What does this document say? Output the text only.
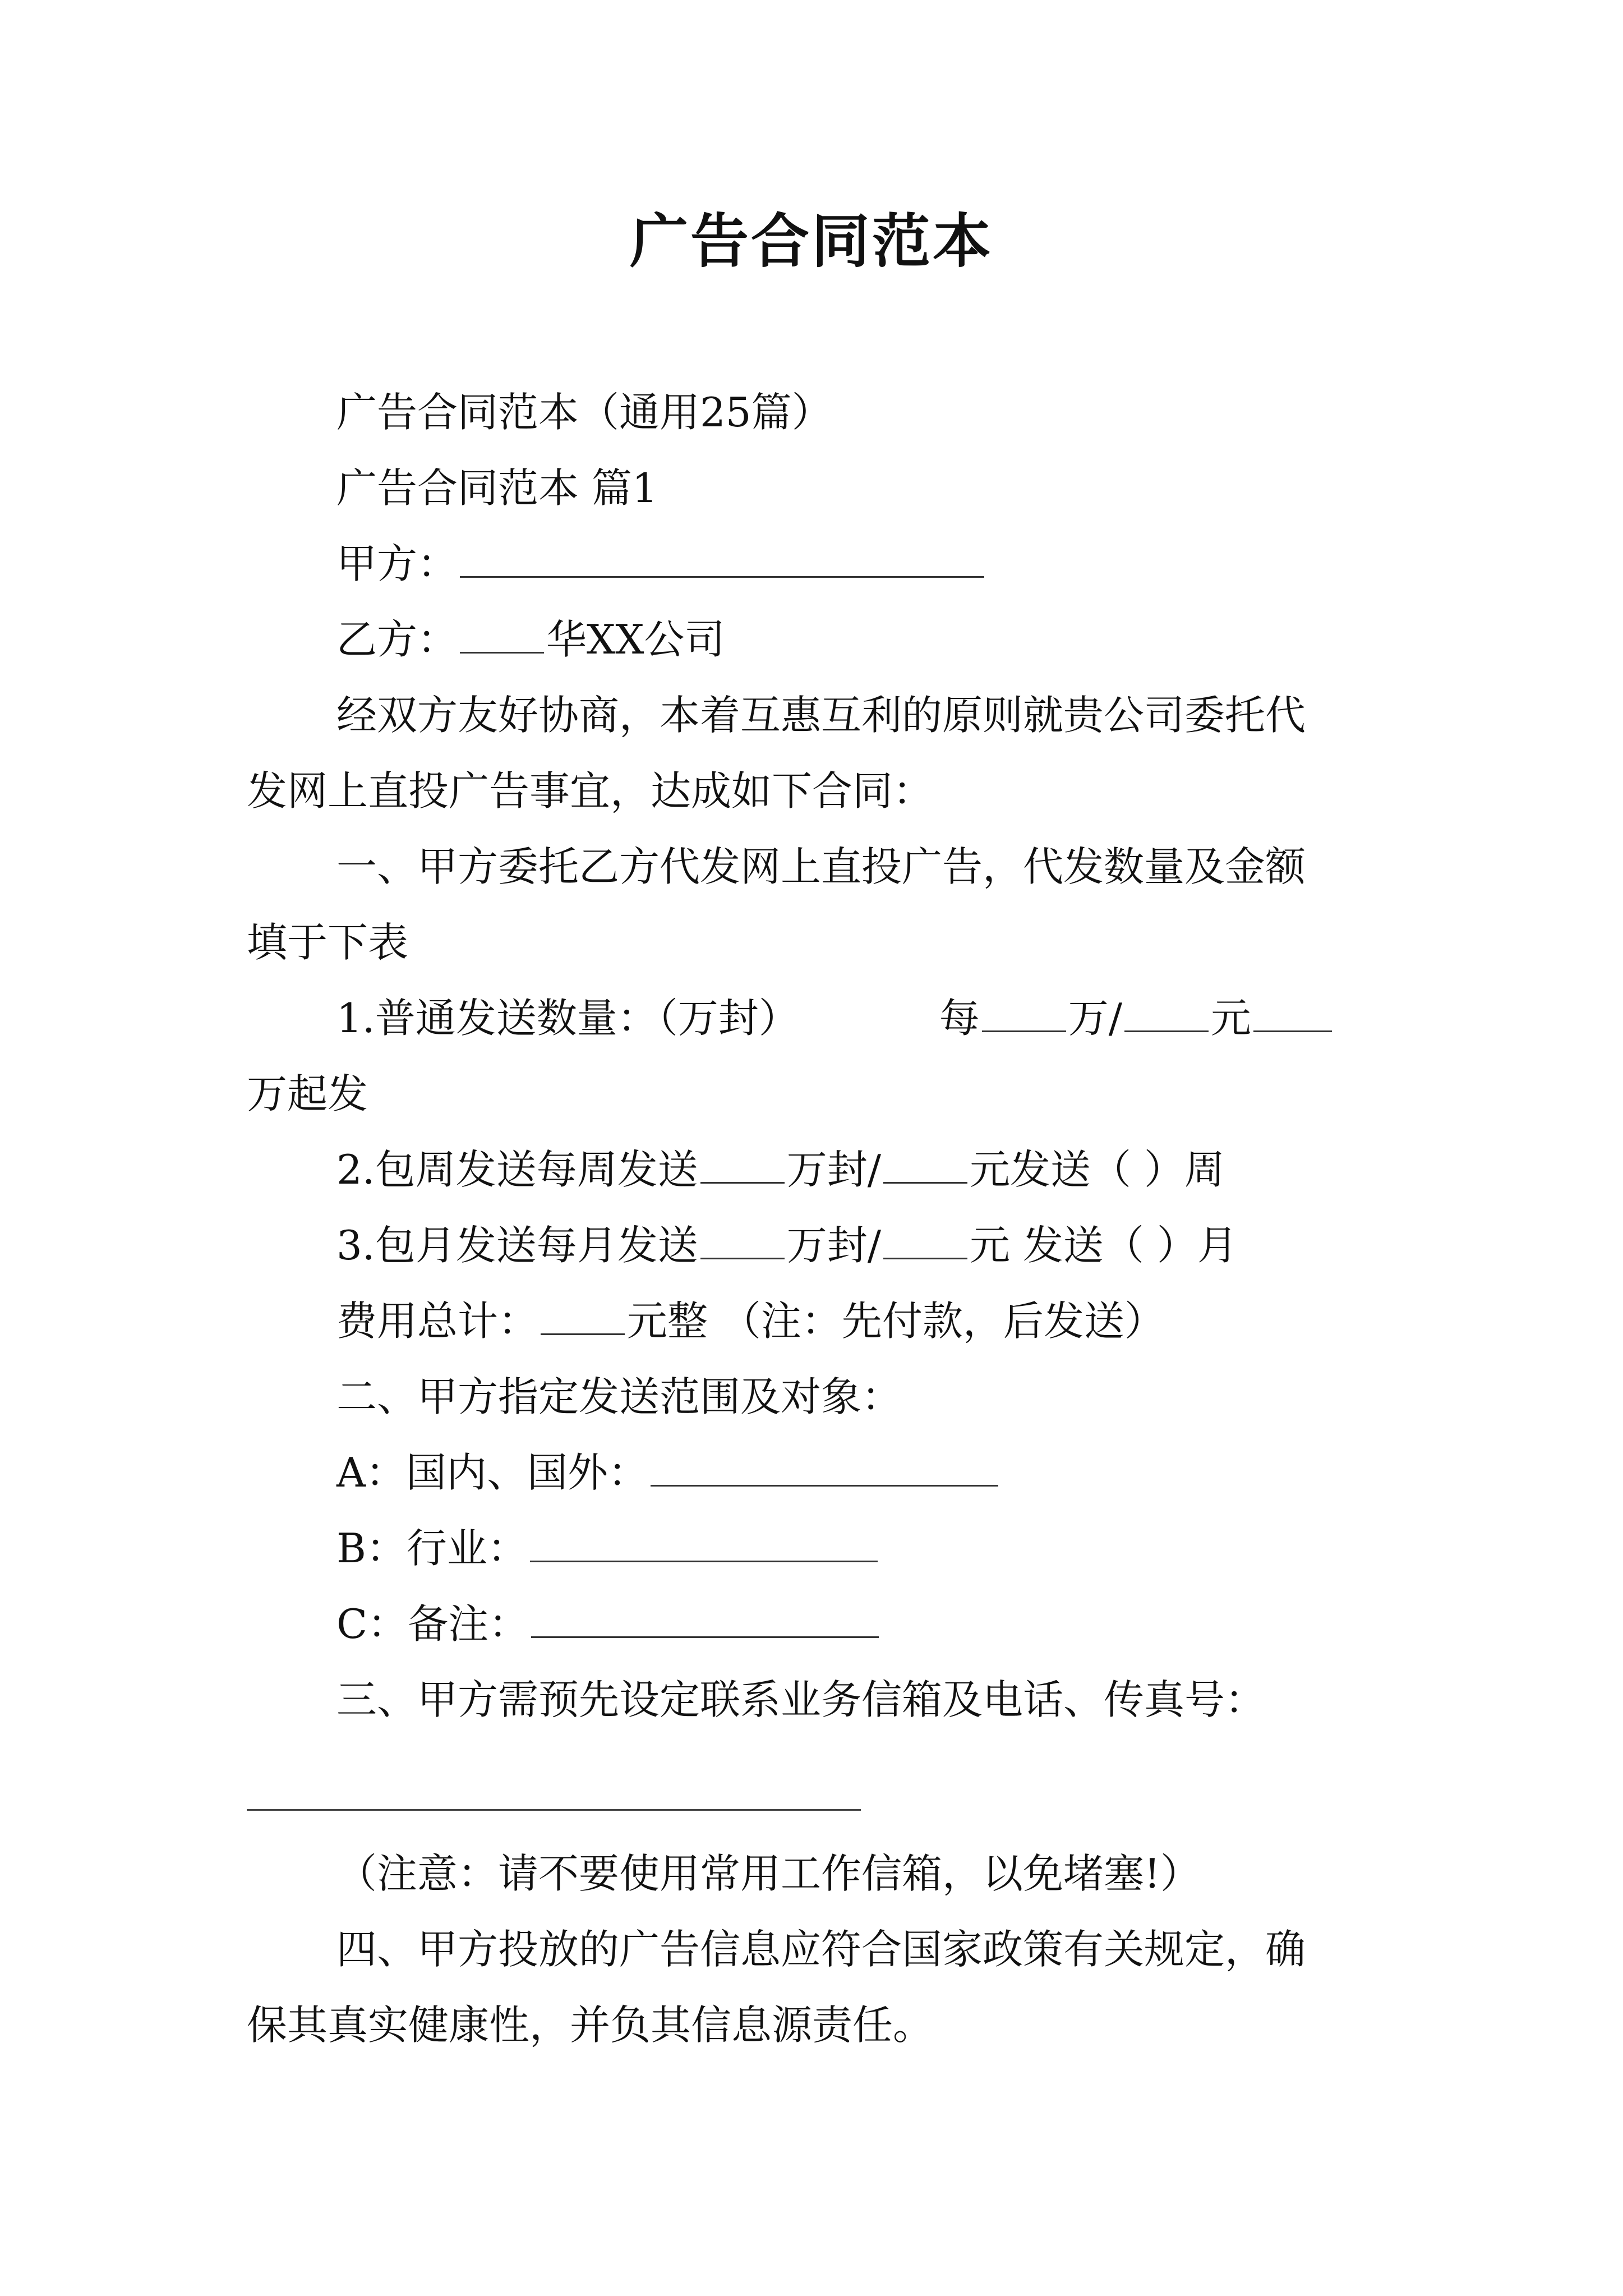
广告合同范本
广告合同范本（通用25篇）
广告合同范本 篇1
甲方：
乙方： 华XX公司
经双方友好协商，本着互惠互利的原则就贵公司委托代
发网上直投广告事宜，达成如下合同：
一、甲方委托乙方代发网上直投广告，代发数量及金额
填于下表
1.普通发送数量：（万封）	每 万/ 元
万起发
2.包周发送每周发送 万封/ 元发送（ ）周
3.包月发送每月发送 万封/ 元 发送（ ）月
费用总计： 元整 （注：先付款，后发送）
二、甲方指定发送范围及对象：
A：国内、国外：
B：行业：
C：备注：
三、甲方需预先设定联系业务信箱及电话、传真号：
（注意：请不要使用常用工作信箱，以免堵塞!）
四、甲方投放的广告信息应符合国家政策有关规定，确
保其真实健康性，并负其信息源责任。
